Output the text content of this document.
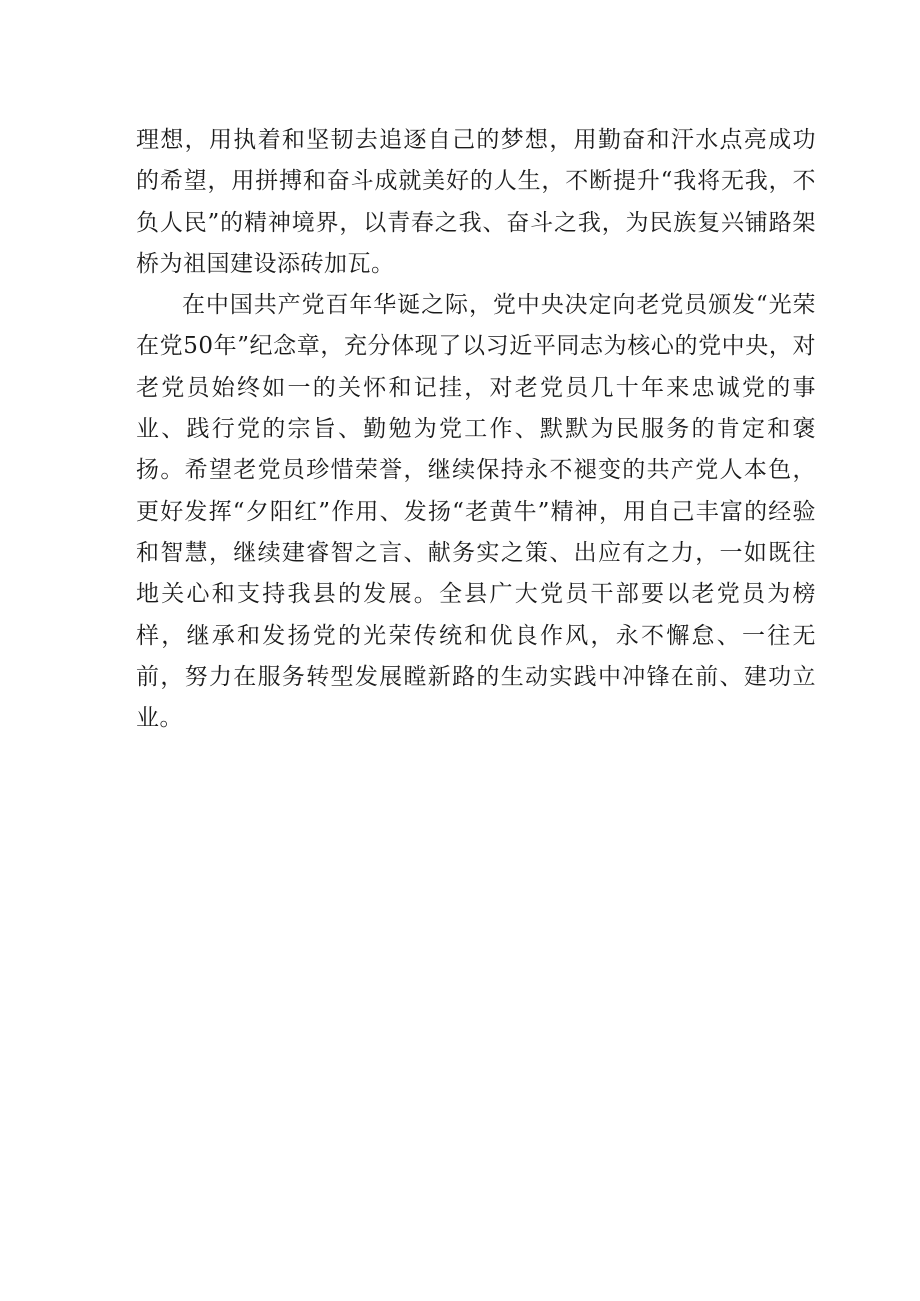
理想，用执着和坚韧去追逐自己的梦想，用勤奋和汗水点亮成功的希望，用拼搏和奋斗成就美好的人生，不断提升“我将无我，不负人民”的精神境界，以青春之我、奋斗之我，为民族复兴铺路架桥为祖国建设添砖加瓦。

在中国共产党百年华诞之际，党中央决定向老党员颁发“光荣在党50年”纪念章，充分体现了以习近平同志为核心的党中央，对老党员始终如一的关怀和记挂，对老党员几十年来忠诚党的事业、践行党的宗旨、勤勉为党工作、默默为民服务的肯定和褒扬。希望老党员珍惜荣誉，继续保持永不褪变的共产党人本色，更好发挥“夕阳红”作用、发扬“老黄牛”精神，用自己丰富的经验和智慧，继续建睿智之言、献务实之策、出应有之力，一如既往地关心和支持我县的发展。全县广大党员干部要以老党员为榜样，继承和发扬党的光荣传统和优良作风，永不懈怠、一往无前，努力在服务转型发展瞠新路的生动实践中冲锋在前、建功立业。
